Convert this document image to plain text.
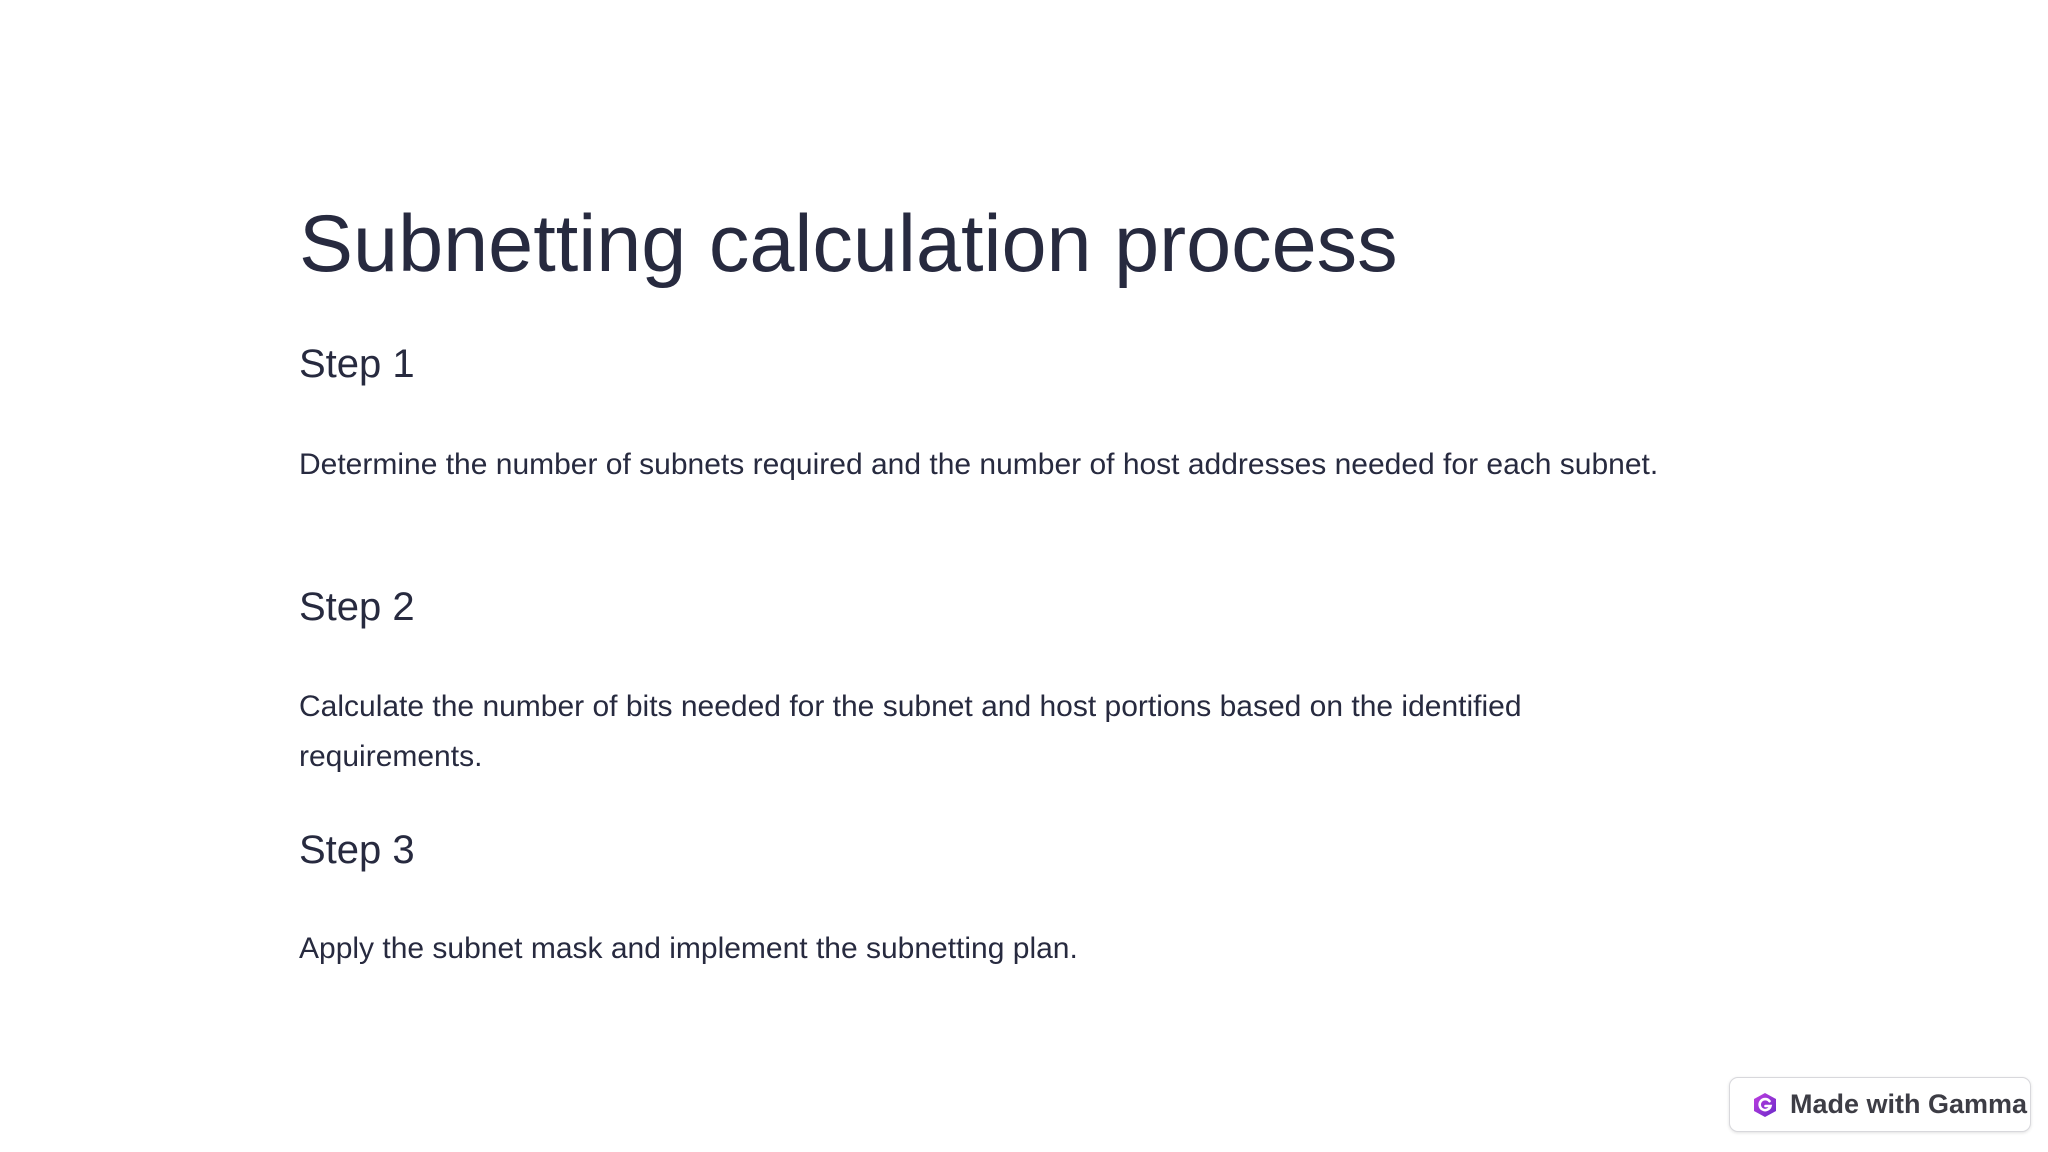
Subnetting calculation process
Step 1

Determine the number of subnets required and the number of host addresses needed for each subnet.

Step 2

Calculate the number of bits needed for the subnet and host portions based on the identified requirements.

Step 3

Apply the subnet mask and implement the subnetting plan.

Made with Gamma
